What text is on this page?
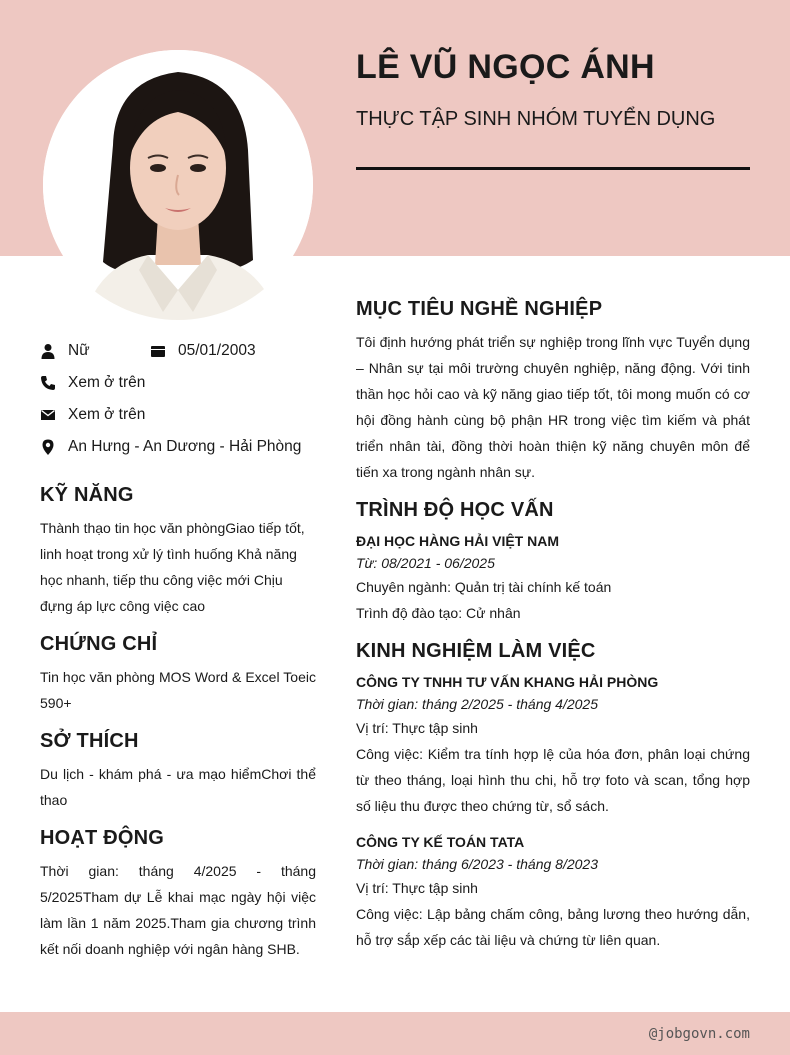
LÊ VŨ NGỌC ÁNH
THỰC TẬP SINH NHÓM TUYỂN DỤNG
Nữ	05/01/2003
Xem ở trên
Xem ở trên
An Hưng - An Dương - Hải Phòng
KỸ NĂNG

Thành thạo tin học văn phòngGiao tiếp tốt, linh hoạt trong xử lý tình huống Khả năng học nhanh, tiếp thu công việc mới Chịu đựng áp lực công việc cao

CHỨNG CHỈ

Tin học văn phòng MOS Word & Excel Toeic 590+

SỞ THÍCH

Du lịch - khám phá - ưa mạo hiểmChơi thể thao

HOẠT ĐỘNG

Thời gian: tháng 4/2025 - tháng 5/2025Tham dự Lễ khai mạc ngày hội việc làm lần 1 năm 2025.Tham gia chương trình kết nối doanh nghiệp với ngân hàng SHB.

MỤC TIÊU NGHỀ NGHIỆP

Tôi định hướng phát triển sự nghiệp trong lĩnh vực Tuyển dụng – Nhân sự tại môi trường chuyên nghiệp, năng động. Với tinh thần học hỏi cao và kỹ năng giao tiếp tốt, tôi mong muốn có cơ hội đồng hành cùng bộ phận HR trong việc tìm kiếm và phát triển nhân tài, đồng thời hoàn thiện kỹ năng chuyên môn để tiến xa trong ngành nhân sự.

TRÌNH ĐỘ HỌC VẤN

ĐẠI HỌC HÀNG HẢI VIỆT NAM

Từ: 08/2021 - 06/2025

Chuyên ngành: Quản trị tài chính kế toán

Trình độ đào tạo: Cử nhân

KINH NGHIỆM LÀM VIỆC

CÔNG TY TNHH TƯ VẤN KHANG HẢI PHÒNG

Thời gian: tháng 2/2025 - tháng 4/2025

Vị trí: Thực tập sinh

Công việc: Kiểm tra tính hợp lệ của hóa đơn, phân loại chứng từ theo tháng, loại hình thu chi, hỗ trợ foto và scan, tổng hợp số liệu thu được theo chứng từ, sổ sách.

CÔNG TY KẾ TOÁN TATA

Thời gian: tháng 6/2023 - tháng 8/2023

Vị trí: Thực tập sinh

Công việc: Lập bảng chấm công, bảng lương theo hướng dẫn, hỗ trợ sắp xếp các tài liệu và chứng từ liên quan.

@jobgovn.com
